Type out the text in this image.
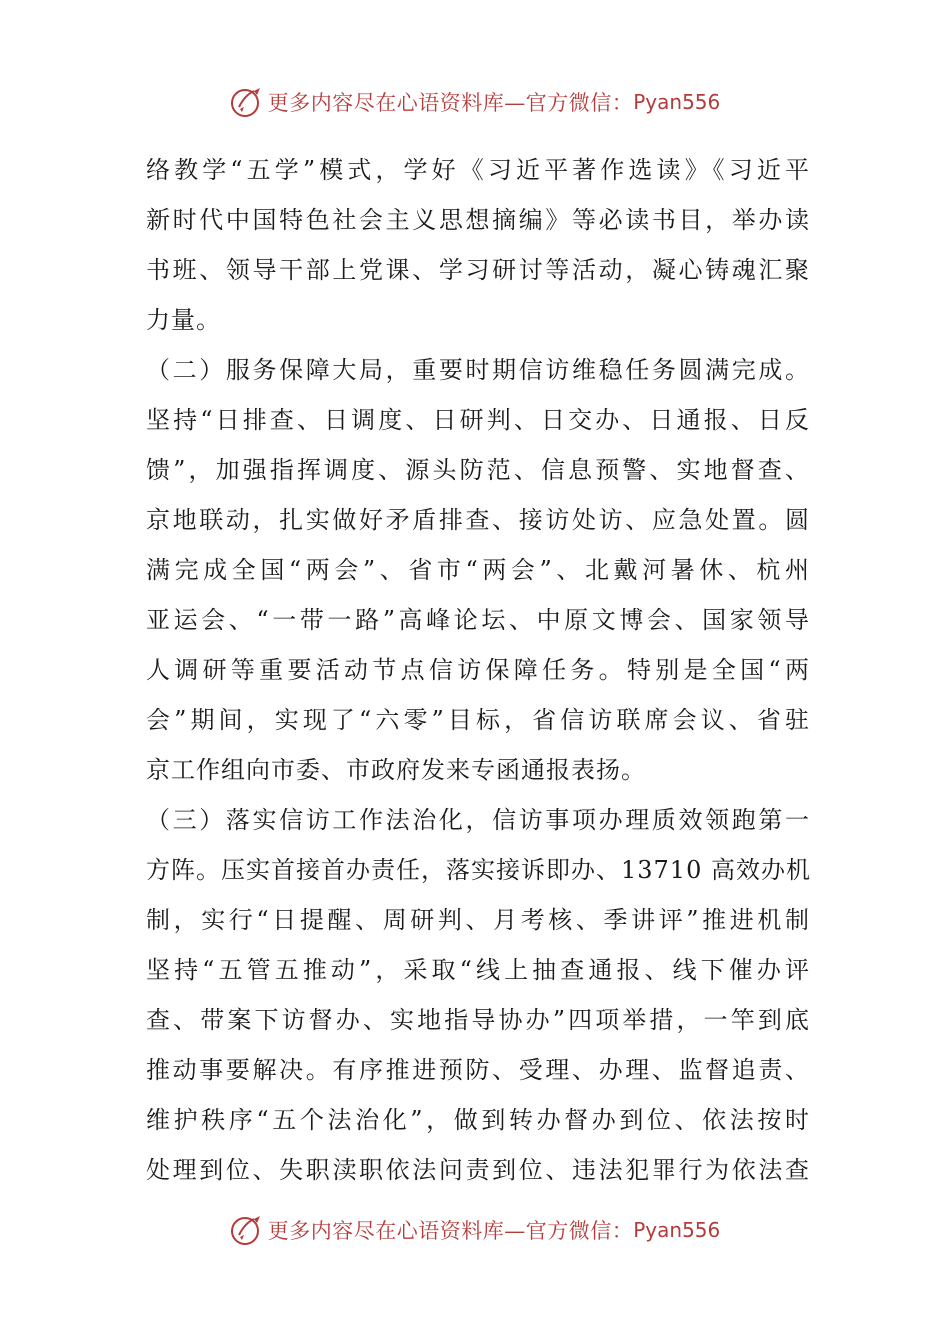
更多内容尽在心语资料库—官方微信： Pyan556
络教学“五学”模式，学好《习近平著作选读》《习近平
新时代中国特色社会主义思想摘编》等必读书目，举办读
书班、领导干部上党课、学习研讨等活动，凝心铸魂汇聚
力量。
（二）服务保障大局，重要时期信访维稳任务圆满完成。
坚持“日排查、日调度、日研判、日交办、日通报、日反
馈”，加强指挥调度、源头防范、信息预警、实地督查、
京地联动，扎实做好矛盾排查、接访处访、应急处置。圆
满完成全国“两会”、省市“两会”、北戴河暑休、杭州
亚运会、“一带一路”高峰论坛、中原文博会、国家领导
人调研等重要活动节点信访保障任务。特别是全国“两
会”期间，实现了“六零”目标，省信访联席会议、省驻
京工作组向市委、市政府发来专函通报表扬。
（三）落实信访工作法治化，信访事项办理质效领跑第一
方阵。压实首接首办责任，落实接诉即办、13710 高效办机
制，实行“日提醒、周研判、月考核、季讲评”推进机制
坚持“五管五推动”，采取“线上抽查通报、线下催办评
查、带案下访督办、实地指导协办”四项举措，一竿到底
推动事要解决。有序推进预防、受理、办理、监督追责、
维护秩序“五个法治化”，做到转办督办到位、依法按时
处理到位、失职渎职依法问责到位、违法犯罪行为依法查
更多内容尽在心语资料库—官方微信： Pyan556
